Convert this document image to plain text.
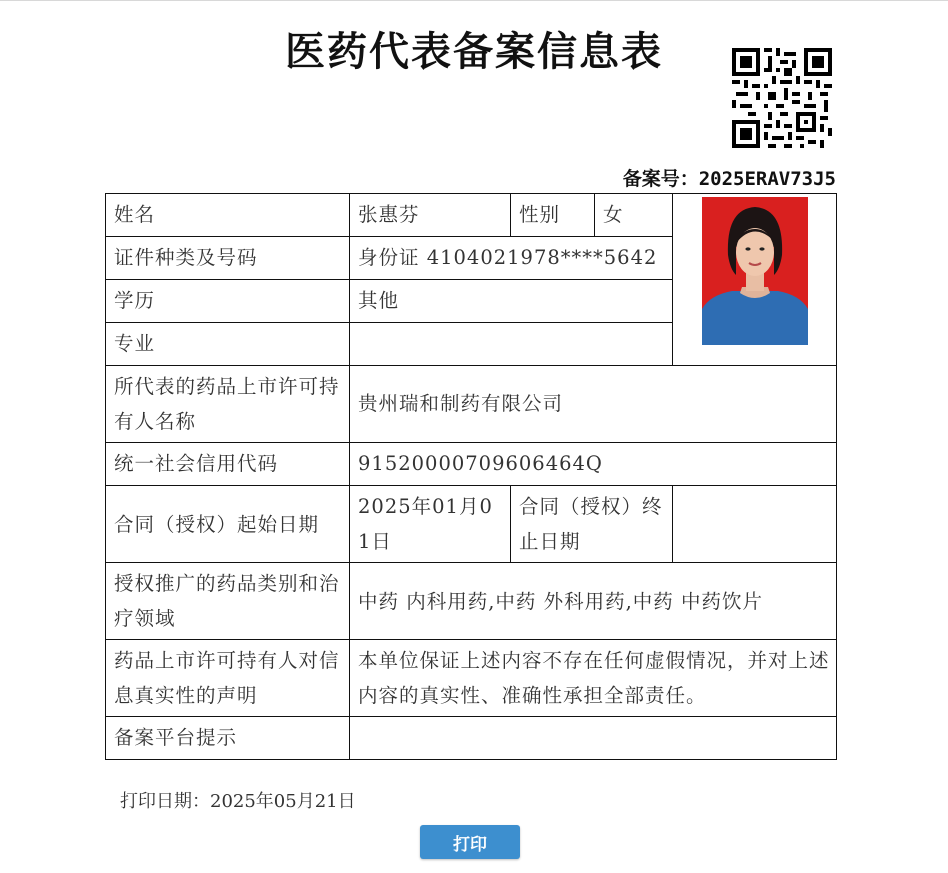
医药代表备案信息表
备案号：2025ERAV73J5
姓名	张惠芬	性别	女	

证件种类及号码	身份证 4104021978****5642			
学历	其他			
专业				
所代表的药品上市许可持有人名称	贵州瑞和制药有限公司			
统一社会信用代码	91520000709606464Q			
合同（授权）起始日期	2025年01月01日	合同（授权）终止日期		
授权推广的药品类别和治疗领域	中药 内科用药,中药 外科用药,中药 中药饮片			
药品上市许可持有人对信息真实性的声明	本单位保证上述内容不存在任何虚假情况，并对上述内容的真实性、准确性承担全部责任。			
备案平台提示				
打印日期：2025年05月21日
打印
